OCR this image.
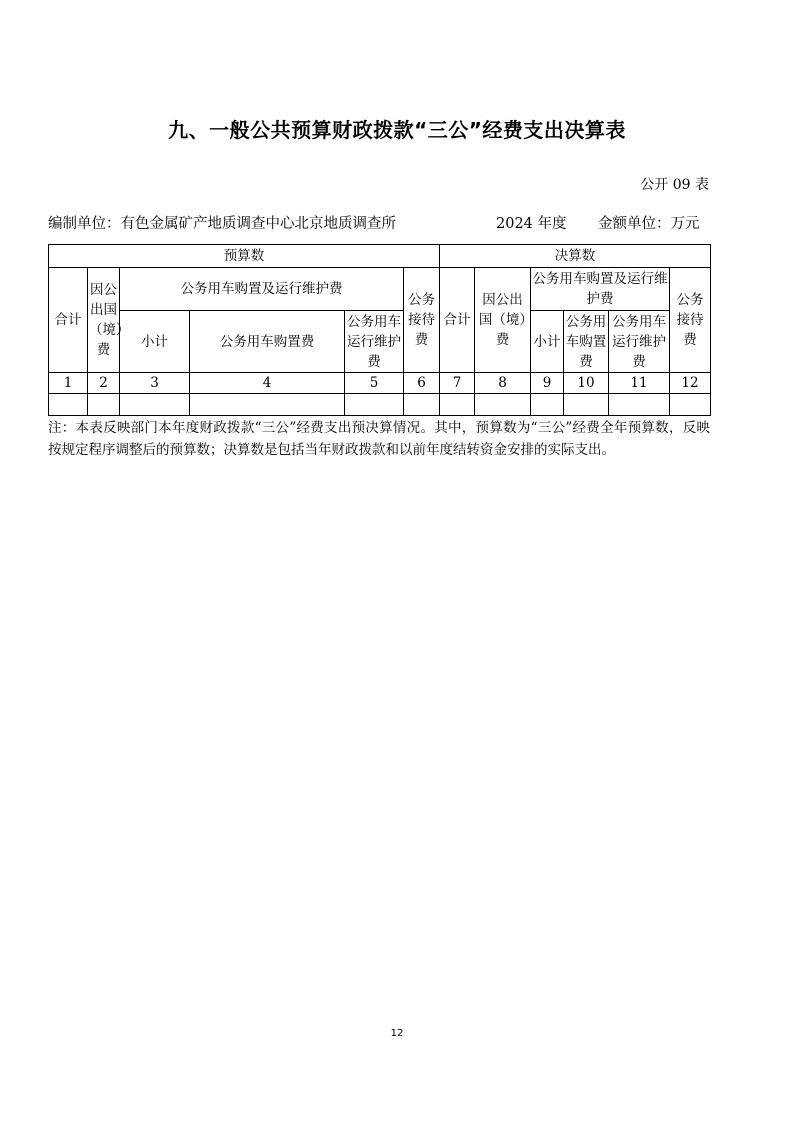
九、一般公共预算财政拨款“三公”经费支出决算表
公开 09 表
编制单位：有色金属矿产地质调查中心北京地质调查所	2024 年度 金额单位：万元
预算数						决算数					
合计	因公出国（境）费	公务用车购置及运行维护费			公务接待费	合计	因公出国（境）费	公务用车购置及运行维护费			公务接待费
		小计	公务用车购置费	公务用车运行维护费				小计	公务用车购置费	公务用车运行维护费	
1	2	3	4	5	6	7	8	9	10	11	12

注：本表反映部门本年度财政拨款“三公”经费支出预决算情况。其中，预算数为“三公”经费全年预算数，反映按规定程序调整后的预算数；决算数是包括当年财政拨款和以前年度结转资金安排的实际支出。
12
